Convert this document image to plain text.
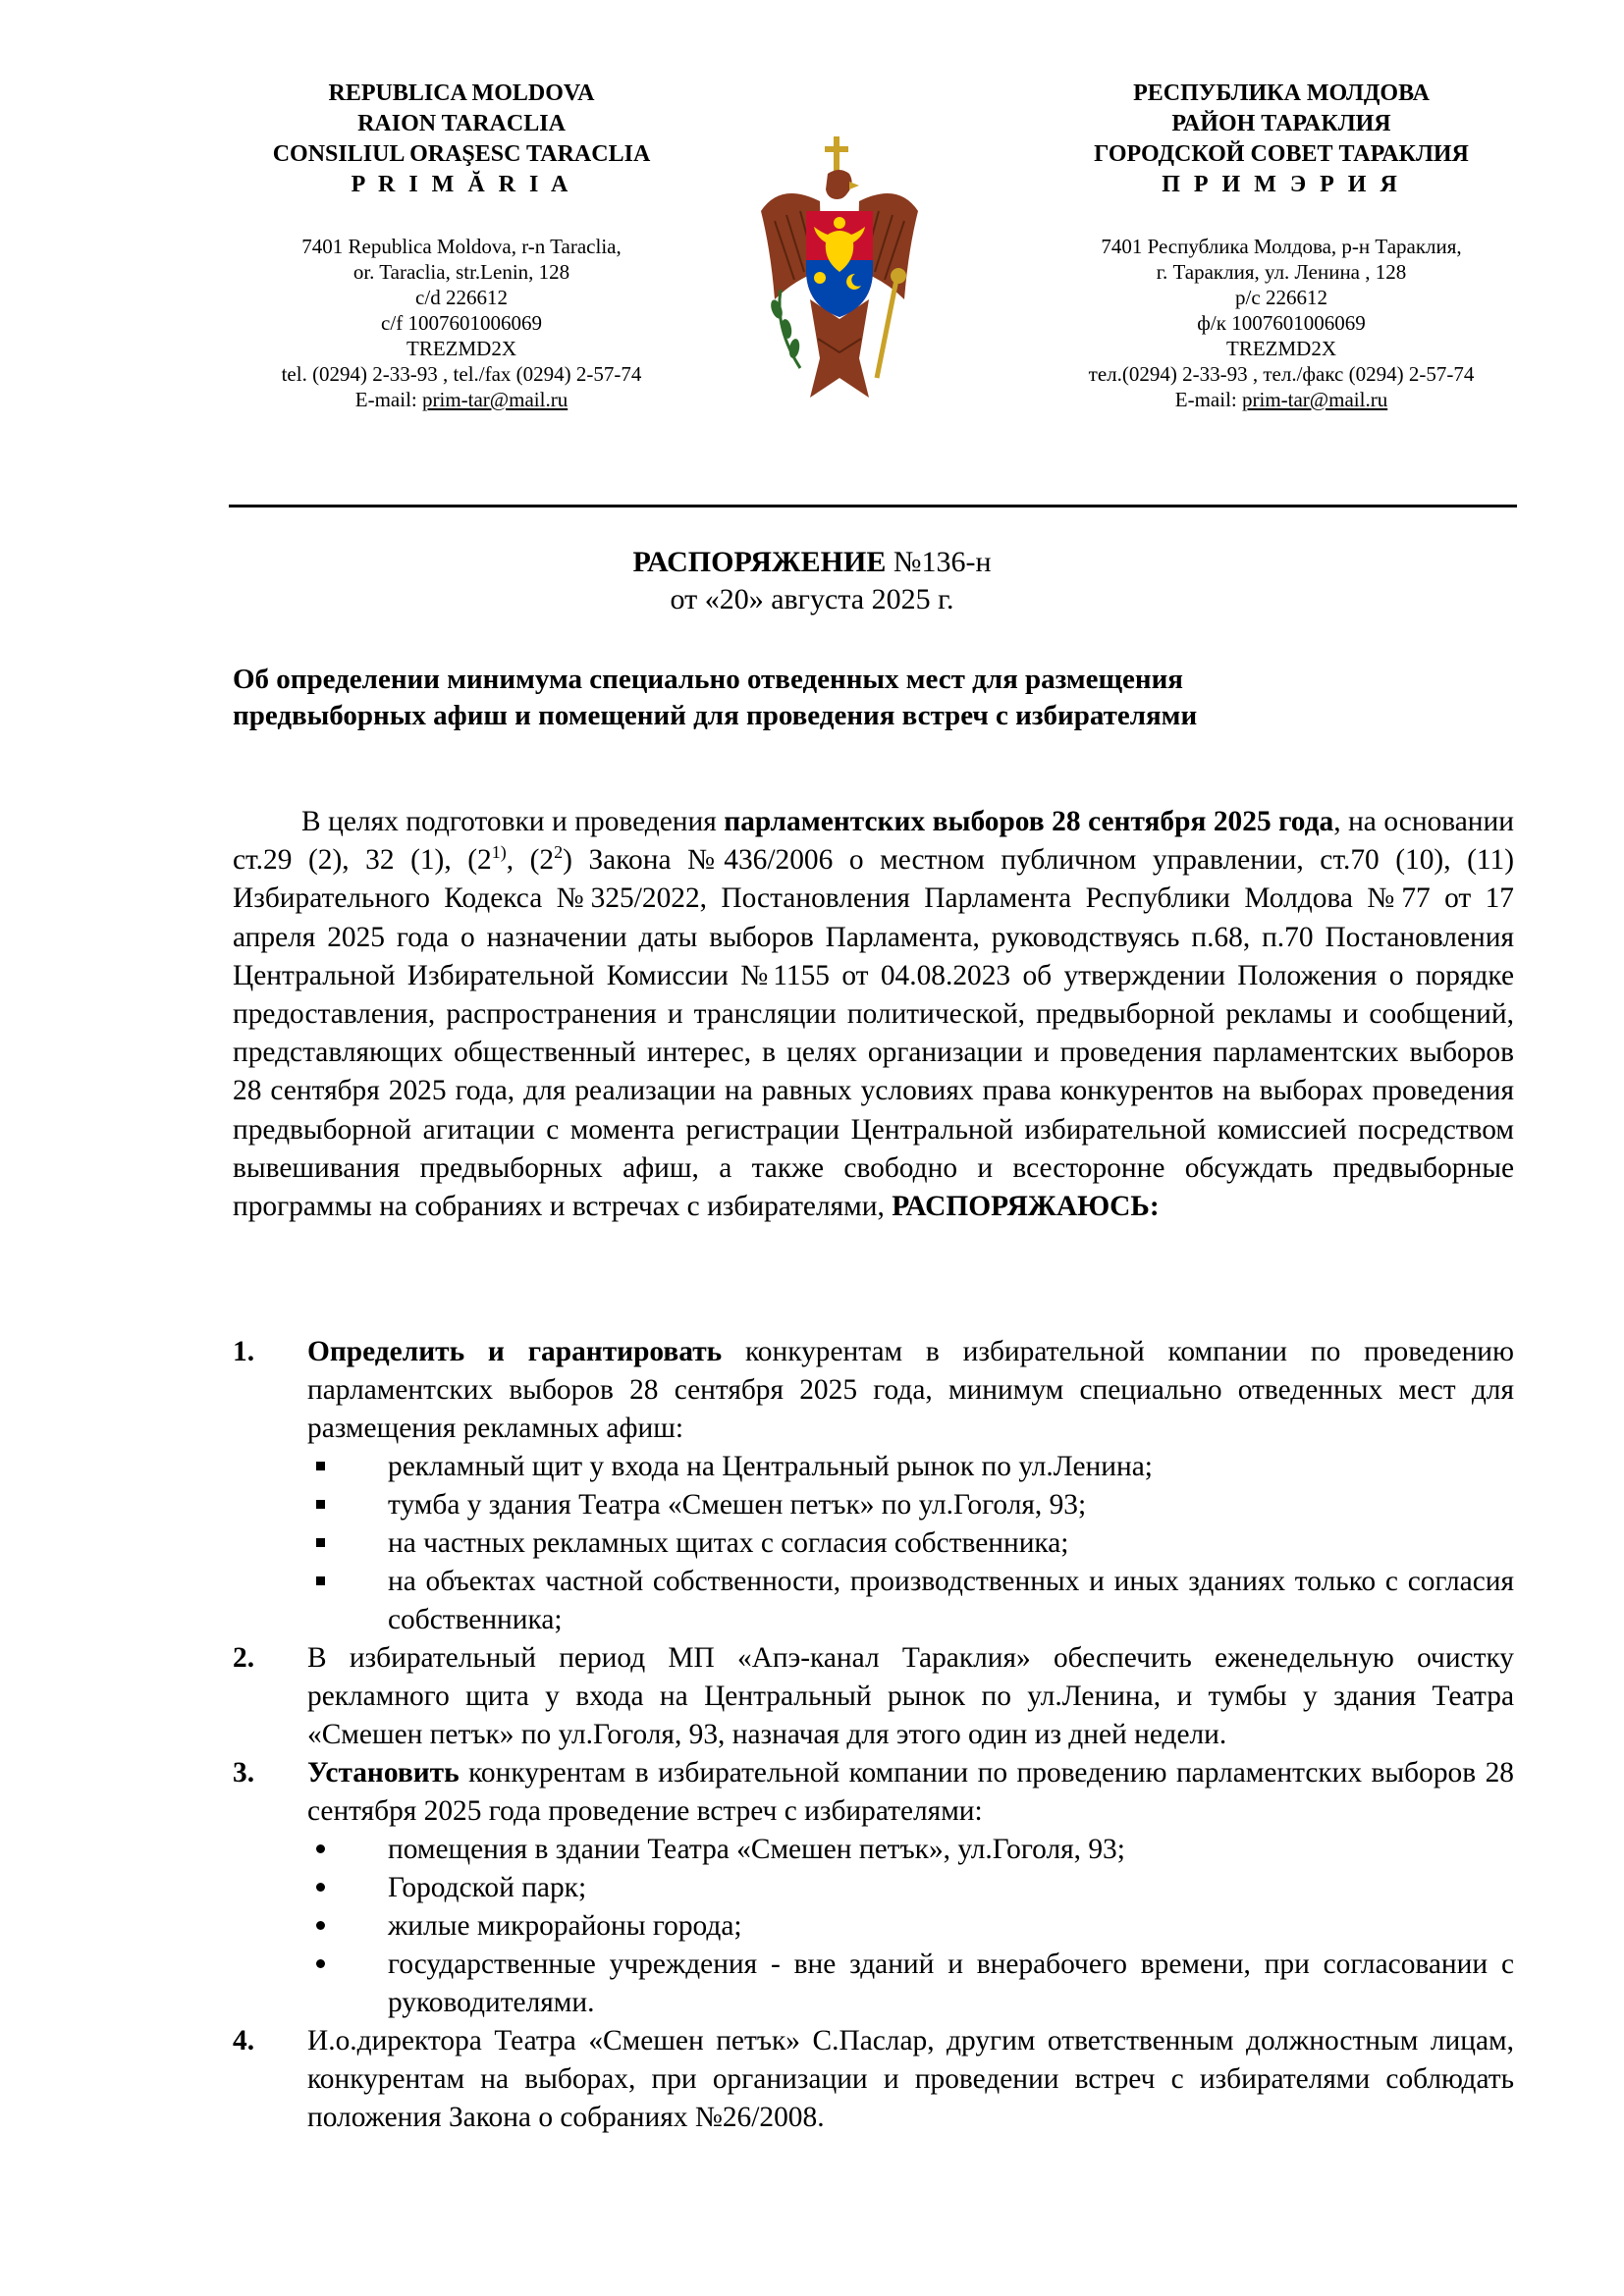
REPUBLICA MOLDOVA
RAION TARACLIA
CONSILIUL ORAŞESC TARACLIA
P R I M Ă R I A
7401 Republica Moldova, r-n Taraclia,
or. Taraclia, str.Lenin, 128
c/d 226612
c/f 1007601006069
TREZMD2X
tel. (0294) 2-33-93 , tel./fax (0294) 2-57-74
E-mail: prim-tar@mail.ru
РЕСПУБЛИКА МОЛДОВА
РАЙОН ТАРАКЛИЯ
ГОРОДСКОЙ СОВЕТ ТАРАКЛИЯ
П Р И М Э Р И Я
7401 Республика Молдова, р-н Тараклия,
г. Тараклия, ул. Ленина , 128
р/с 226612
ф/к 1007601006069
TREZMD2X
тел.(0294) 2-33-93 , тел./факс (0294) 2-57-74
E-mail: prim-tar@mail.ru
РАСПОРЯЖЕНИЕ №136-н
от «20» августа 2025 г.
Об определении минимума специально отведенных мест для размещения
предвыборных афиш и помещений для проведения встреч с избирателями

В целях подготовки и проведения парламентских выборов 28 сентября 2025 года, на основании ст.29 (2), 32 (1), (2$^{1)}$, $(2^2)$ Закона №436/2006 о местном публичном управлении, ст.70 (10), (11) Избирательного Кодекса №325/2022, Постановления Парламента Республики Молдова №77 от 17 апреля 2025 года о назначении даты выборов Парламента, руководствуясь п.68, п.70 Постановления Центральной Избирательной Комиссии №1155 от 04.08.2023 об утверждении Положения о порядке предоставления, распространения и трансляции политической, предвыборной рекламы и сообщений, представляющих общественный интерес, в целях организации и проведения парламентских выборов 28 сентября 2025 года, для реализации на равных условиях права конкурентов на выборах проведения предвыборной агитации с момента регистрации Центральной избирательной комиссией посредством вывешивания предвыборных афиш, а также свободно и всесторонне обсуждать предвыборные программы на собраниях и встречах с избирателями, РАСПОРЯЖАЮСЬ:

1. Определить и гарантировать конкурентам в избирательной компании по проведению парламентских выборов 28 сентября 2025 года, минимум специально отведенных мест для размещения рекламных афиш:
рекламный щит у входа на Центральный рынок по ул.Ленина;
тумба у здания Театра «Смешен петък» по ул.Гоголя, 93;
на частных рекламных щитах с согласия собственника;
на объектах частной собственности, производственных и иных зданиях только с согласия собственника;
2. В избирательный период МП «Апэ-канал Тараклия» обеспечить еженедельную очистку рекламного щита у входа на Центральный рынок по ул.Ленина, и тумбы у здания Театра «Смешен петък» по ул.Гоголя, 93, назначая для этого один из дней недели.
3. Установить конкурентам в избирательной компании по проведению парламентских выборов 28 сентября 2025 года проведение встреч с избирателями:
помещения в здании Театра «Смешен петък», ул.Гоголя, 93;
Городской парк;
жилые микрорайоны города;
государственные учреждения - вне зданий и внерабочего времени, при согласовании с руководителями.
4. И.о.директора Театра «Смешен петък» С.Паслар, другим ответственным должностным лицам, конкурентам на выборах, при организации и проведении встреч с избирателями соблюдать положения Закона о собраниях №26/2008.
